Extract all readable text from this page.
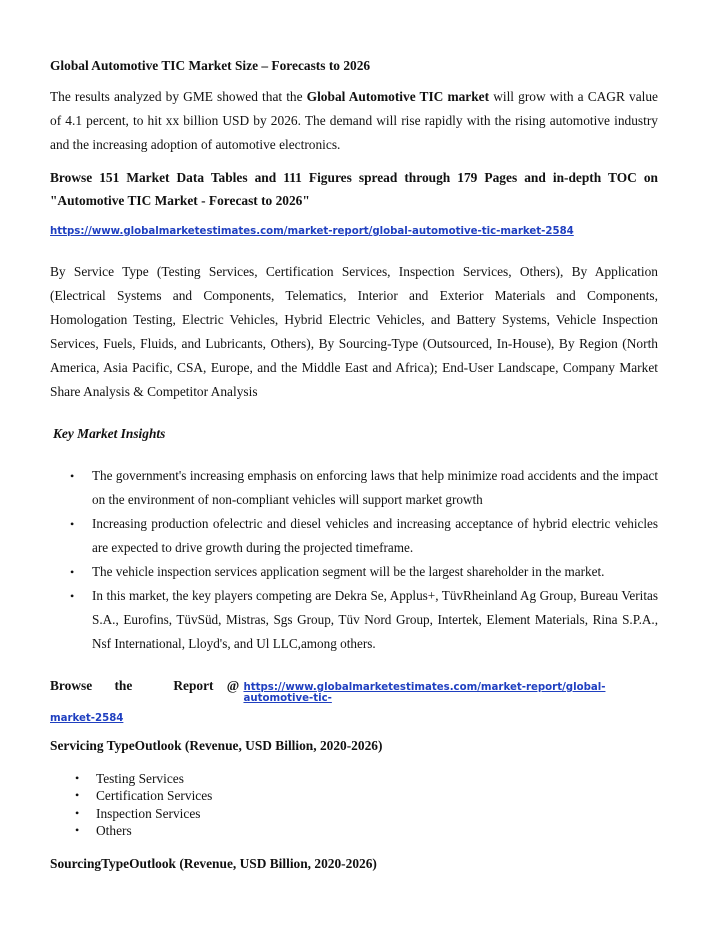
Global Automotive TIC Market Size – Forecasts to 2026
The results analyzed by GME showed that the Global Automotive TIC market will grow with a CAGR value of 4.1 percent, to hit xx billion USD by 2026. The demand will rise rapidly with the rising automotive industry and the increasing adoption of automotive electronics.
Browse 151 Market Data Tables and 111 Figures spread through 179 Pages and in-depth TOC on "Automotive TIC Market - Forecast to 2026"
https://www.globalmarketestimates.com/market-report/global-automotive-tic-market-2584
By Service Type (Testing Services, Certification Services, Inspection Services, Others), By Application (Electrical Systems and Components, Telematics, Interior and Exterior Materials and Components, Homologation Testing, Electric Vehicles, Hybrid Electric Vehicles, and Battery Systems, Vehicle Inspection Services, Fuels, Fluids, and Lubricants, Others), By Sourcing-Type (Outsourced, In-House), By Region (North America, Asia Pacific, CSA, Europe, and the Middle East and Africa); End-User Landscape, Company Market Share Analysis & Competitor Analysis
Key Market Insights
• The government's increasing emphasis on enforcing laws that help minimize road accidents and the impact on the environment of non-compliant vehicles will support market growth
• Increasing production ofelectric and diesel vehicles and increasing acceptance of hybrid electric vehicles are expected to drive growth during the projected timeframe.
• The vehicle inspection services application segment will be the largest shareholder in the market.
• In this market, the key players competing are Dekra Se, Applus+, TüvRheinland Ag Group, Bureau Veritas S.A., Eurofins, TüvSüd, Mistras, Sgs Group, Tüv Nord Group, Intertek, Element Materials, Rina S.P.A., Nsf International, Lloyd's, and Ul LLC,among others.
Browse	the	Report @ https://www.globalmarketestimates.com/market-report/global-automotive-tic-
market-2584
Servicing TypeOutlook (Revenue, USD Billion, 2020-2026)
• Testing Services
• Certification Services
• Inspection Services
• Others
SourcingTypeOutlook (Revenue, USD Billion, 2020-2026)
